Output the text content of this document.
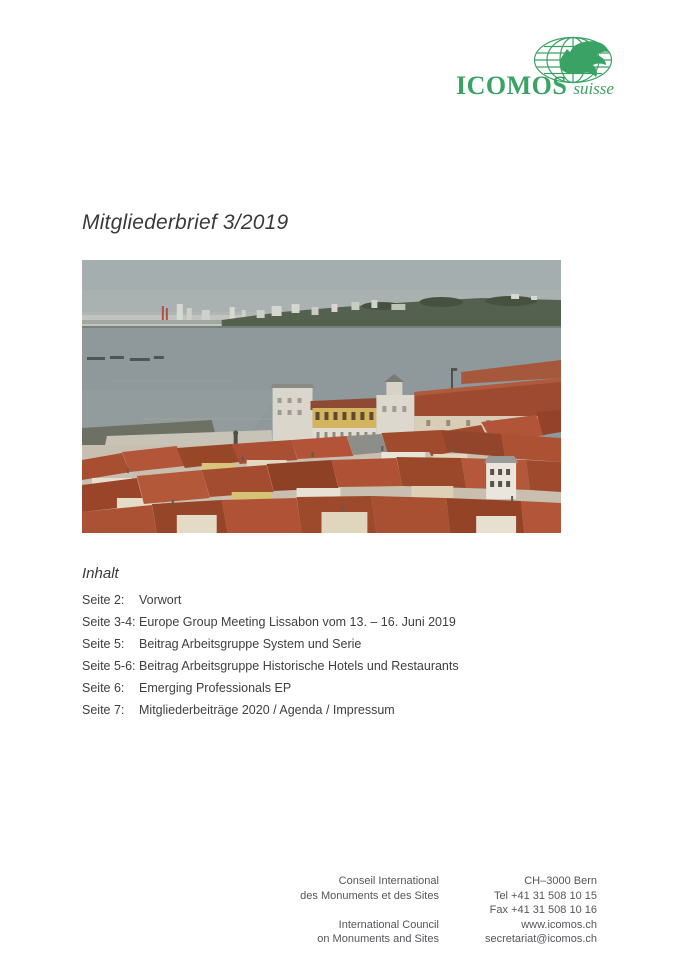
ICOMOS suisse
Mitgliederbrief 3/2019
Inhalt
Seite 2:	Vorwort
Seite 3-4: Europe Group Meeting Lissabon vom 13. – 16. Juni 2019
Seite 5:	Beitrag Arbeitsgruppe System und Serie
Seite 5-6: Beitrag Arbeitsgruppe Historische Hotels und Restaurants
Seite 6:	Emerging Professionals EP
Seite 7:	Mitgliederbeiträge 2020 / Agenda / Impressum
Conseil International
des Monuments et des Sites
International Council
on Monuments and Sites
CH–3000 Bern
Tel +41 31 508 10 15
Fax +41 31 508 10 16
www.icomos.ch
secretariat@icomos.ch
